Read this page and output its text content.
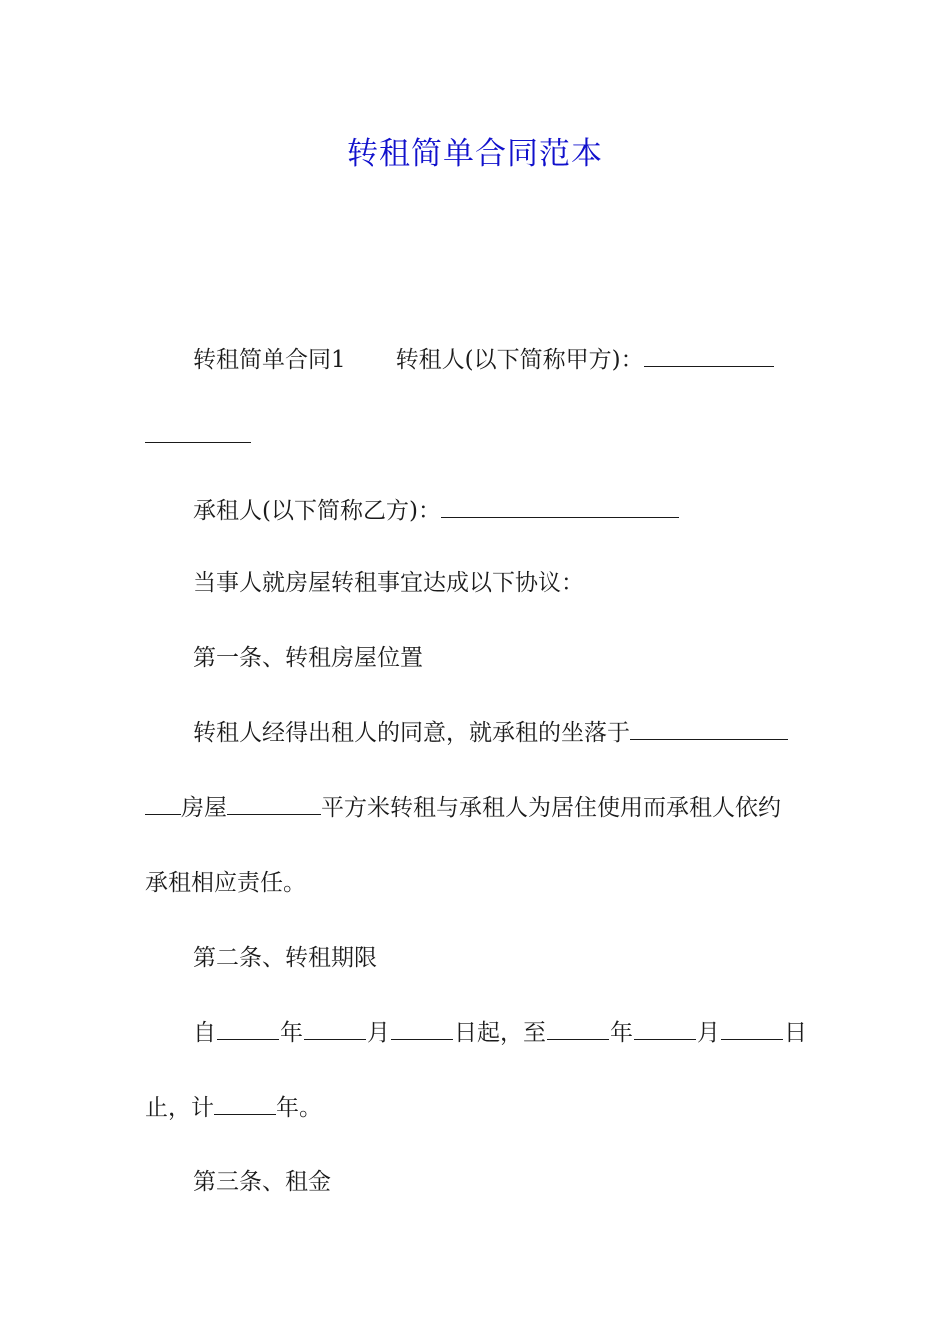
转租简单合同范本
转租简单合同1 转租人(以下简称甲方)：
承租人(以下简称乙方)：
当事人就房屋转租事宜达成以下协议：
第一条、转租房屋位置
转租人经得出租人的同意，就承租的坐落于
房屋	平方米转租与承租人为居住使用而承租人依约
承租相应责任。
第二条、转租期限
自	年	月	日起，至	年	月	日
止，计	年。
第三条、租金
